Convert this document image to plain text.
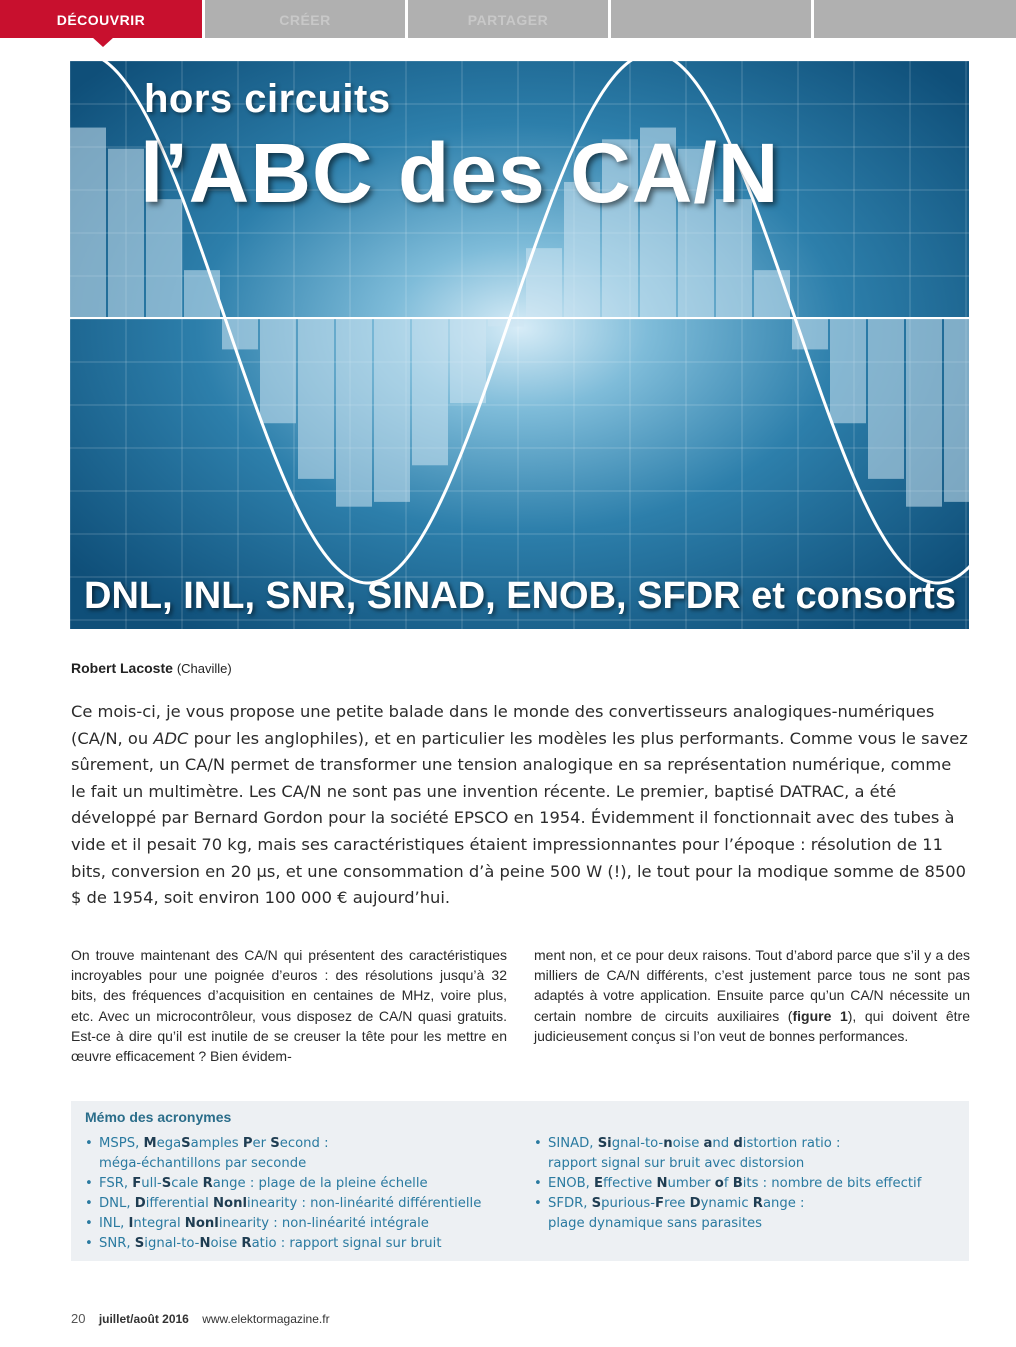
DÉCOUVRIR	CRÉER	PARTAGER
hors circuits
l’ABC des CA/N
DNL, INL, SNR, SINAD, ENOB, SFDR et consorts
Robert Lacoste (Chaville)

Ce mois-ci, je vous propose une petite balade dans le monde des convertisseurs analogiques-numériques (CA/N, ou ADC pour les anglophiles), et en particulier les modèles les plus performants. Comme vous le savez sûrement, un CA/N permet de transformer une tension analogique en sa représentation numérique, comme le fait un multimètre. Les CA/N ne sont pas une invention récente. Le premier, baptisé DATRAC, a été développé par Bernard Gordon pour la société EPSCO en 1954. Évidemment il fonctionnait avec des tubes à vide et il pesait 70 kg, mais ses caractéristiques étaient impressionnantes pour l’époque : résolution de 11 bits, conversion en 20 µs, et une consommation d’à peine 500 W (!), le tout pour la modique somme de 8500 $ de 1954, soit environ 100 000 € aujourd’hui.

On trouve maintenant des CA/N qui présentent des caractéristiques incroyables pour une poignée d’euros : des résolutions jusqu’à 32 bits, des fréquences d’acquisition en centaines de MHz, voire plus, etc. Avec un microcontrôleur, vous disposez de CA/N quasi gratuits. Est-ce à dire qu’il est inutile de se creuser la tête pour les mettre en œuvre efficacement ? Bien évidem-

ment non, et ce pour deux raisons. Tout d’abord parce que s’il y a des milliers de CA/N différents, c’est justement parce tous ne sont pas adaptés à votre application. Ensuite parce qu’un CA/N nécessite un certain nombre de circuits auxiliaires (figure 1), qui doivent être judicieusement conçus si l’on veut de bonnes performances.

Mémo des acronymes
• MSPS, MegaSamples Per Second :
méga-échantillons par seconde
• FSR, Full-Scale Range : plage de la pleine échelle
• DNL, Differential Nonlinearity : non-linéarité différentielle
• INL, Integral Nonlinearity : non-linéarité intégrale
• SNR, Signal-to-Noise Ratio : rapport signal sur bruit
• SINAD, Signal-to-noise and distortion ratio :
rapport signal sur bruit avec distorsion
• ENOB, Effective Number of Bits : nombre de bits effectif
• SFDR, Spurious-Free Dynamic Range :
plage dynamique sans parasites
20 juillet/août 2016 www.elektormagazine.fr
